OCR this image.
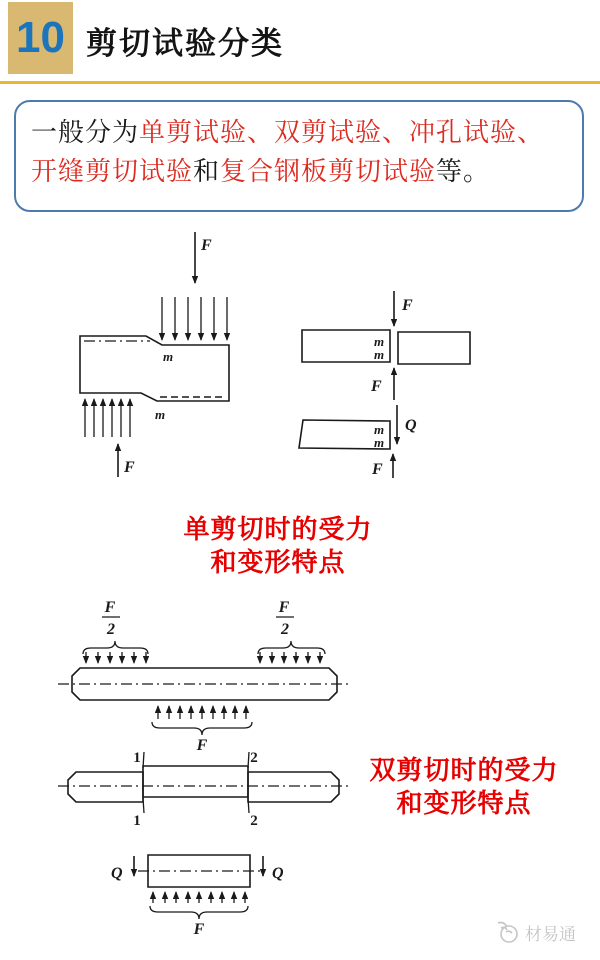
10 剪切试验分类

一般分为单剪试验、双剪试验、冲孔试验、开缝剪切试验和复合钢板剪切试验等。

F
m
m
F
F
m
m
F
m
m
Q
F
F
2
F
2
F
1
1
2
2
Q	Q
F
单剪切时的受力
和变形特点
双剪切时的受力
和变形特点
材易通
